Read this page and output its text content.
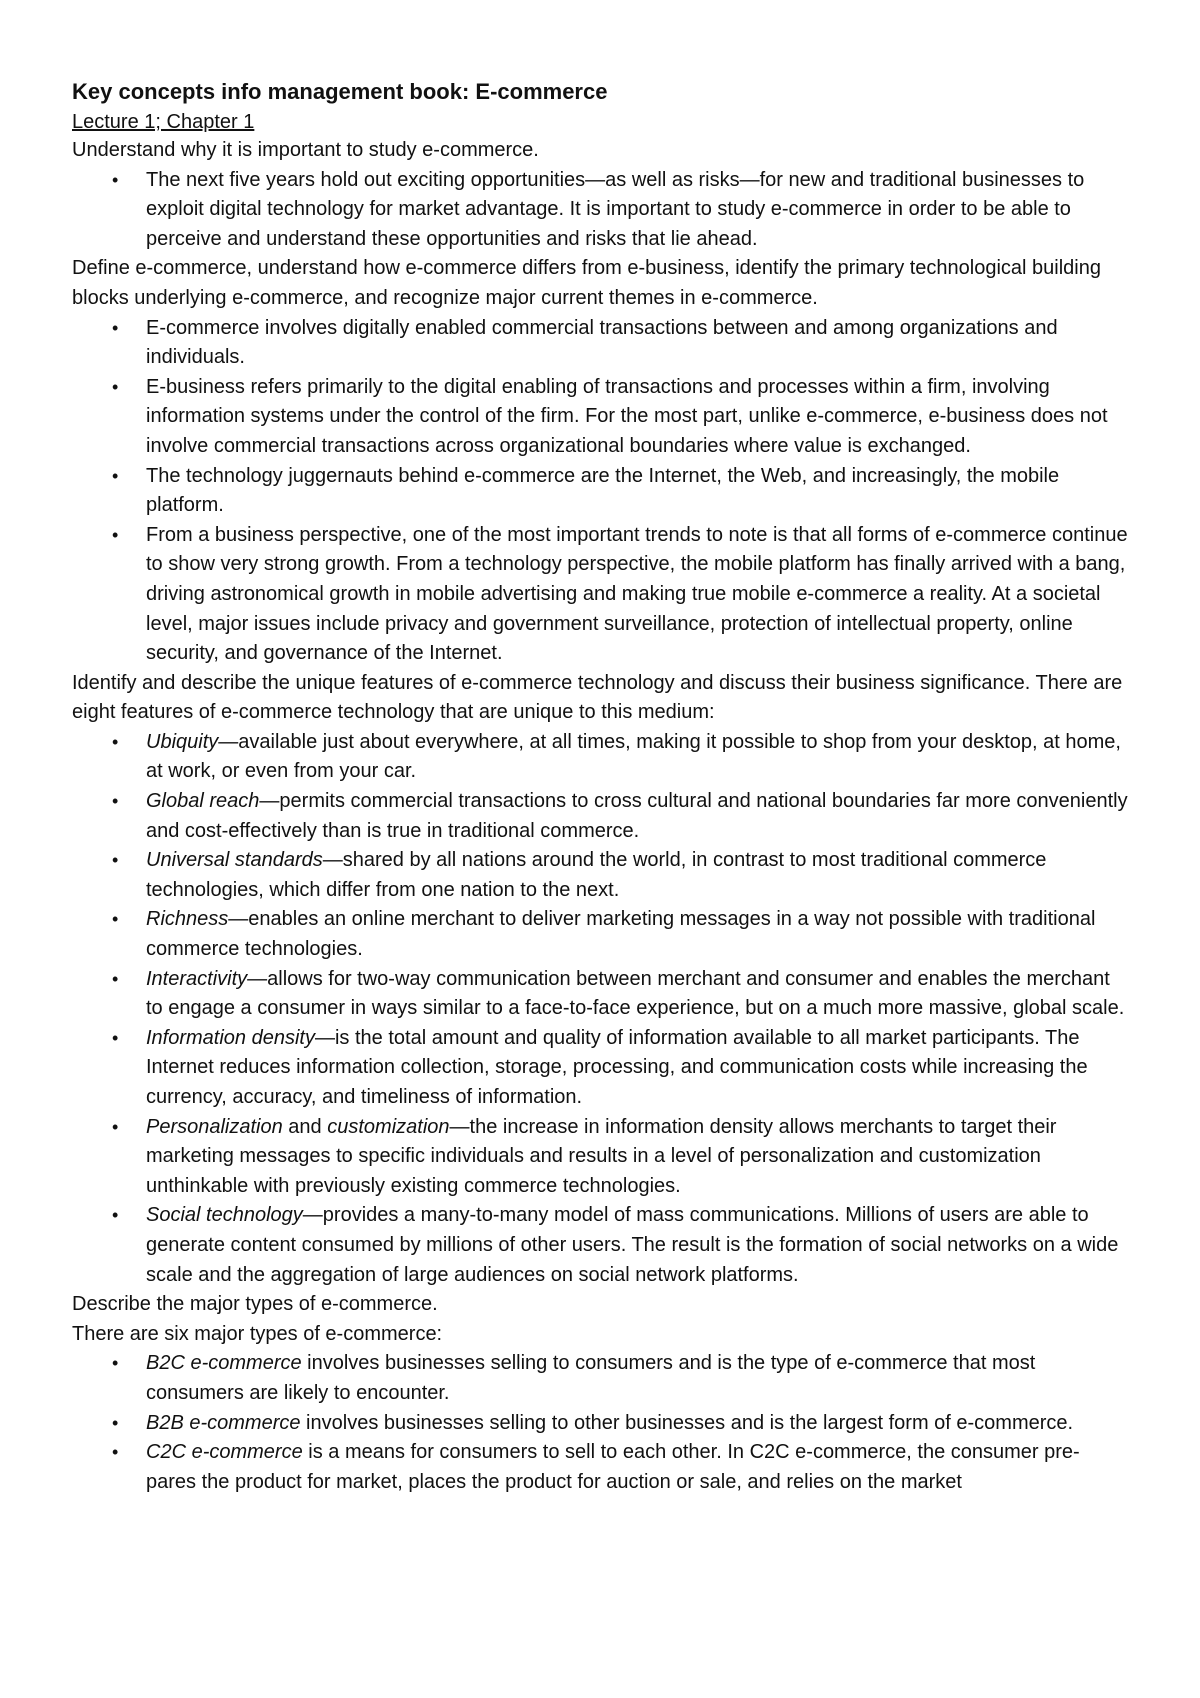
Key concepts info management book: E-commerce

Lecture 1; Chapter 1

Understand why it is important to study e-commerce.

• The next five years hold out exciting opportunities—as well as risks—for new and traditional businesses to exploit digital technology for market advantage. It is important to study e-commerce in order to be able to perceive and understand these opportunities and risks that lie ahead.

Define e-commerce, understand how e-commerce differs from e-business, identify the primary technological building blocks underlying e-commerce, and recognize major current themes in e-commerce.

• E-commerce involves digitally enabled commercial transactions between and among organizations and individuals.
• E-business refers primarily to the digital enabling of transactions and processes within a firm, involving information systems under the control of the firm. For the most part, unlike e-commerce, e-business does not involve commercial transactions across organizational boundaries where value is exchanged.
• The technology juggernauts behind e-commerce are the Internet, the Web, and increasingly, the mobile platform.
• From a business perspective, one of the most important trends to note is that all forms of e-commerce continue to show very strong growth. From a technology perspective, the mobile platform has finally arrived with a bang, driving astronomical growth in mobile advertising and making true mobile e-commerce a reality. At a societal level, major issues include privacy and government surveillance, protection of intellectual property, online security, and governance of the Internet.

Identify and describe the unique features of e-commerce technology and discuss their business significance. There are eight features of e-commerce technology that are unique to this medium:

• Ubiquity—available just about everywhere, at all times, making it possible to shop from your desktop, at home, at work, or even from your car.
• Global reach—permits commercial transactions to cross cultural and national boundaries far more conveniently and cost-effectively than is true in traditional commerce.
• Universal standards—shared by all nations around the world, in contrast to most traditional commerce technologies, which differ from one nation to the next.
• Richness—enables an online merchant to deliver marketing messages in a way not possible with traditional commerce technologies.
• Interactivity—allows for two-way communication between merchant and consumer and enables the merchant to engage a consumer in ways similar to a face-to-face experience, but on a much more massive, global scale.
• Information density—is the total amount and quality of information available to all market participants. The Internet reduces information collection, storage, processing, and communication costs while increasing the currency, accuracy, and timeliness of information.
• Personalization and customization—the increase in information density allows merchants to target their marketing messages to specific individuals and results in a level of personalization and customization unthinkable with previously existing commerce technologies.
• Social technology—provides a many-to-many model of mass communications. Millions of users are able to generate content consumed by millions of other users. The result is the formation of social networks on a wide scale and the aggregation of large audiences on social network platforms.

Describe the major types of e-commerce.

There are six major types of e-commerce:

• B2C e-commerce involves businesses selling to consumers and is the type of e-commerce that most consumers are likely to encounter.
• B2B e-commerce involves businesses selling to other businesses and is the largest form of e-commerce.
• C2C e-commerce is a means for consumers to sell to each other. In C2C e-commerce, the consumer pre- pares the product for market, places the product for auction or sale, and relies on the market
